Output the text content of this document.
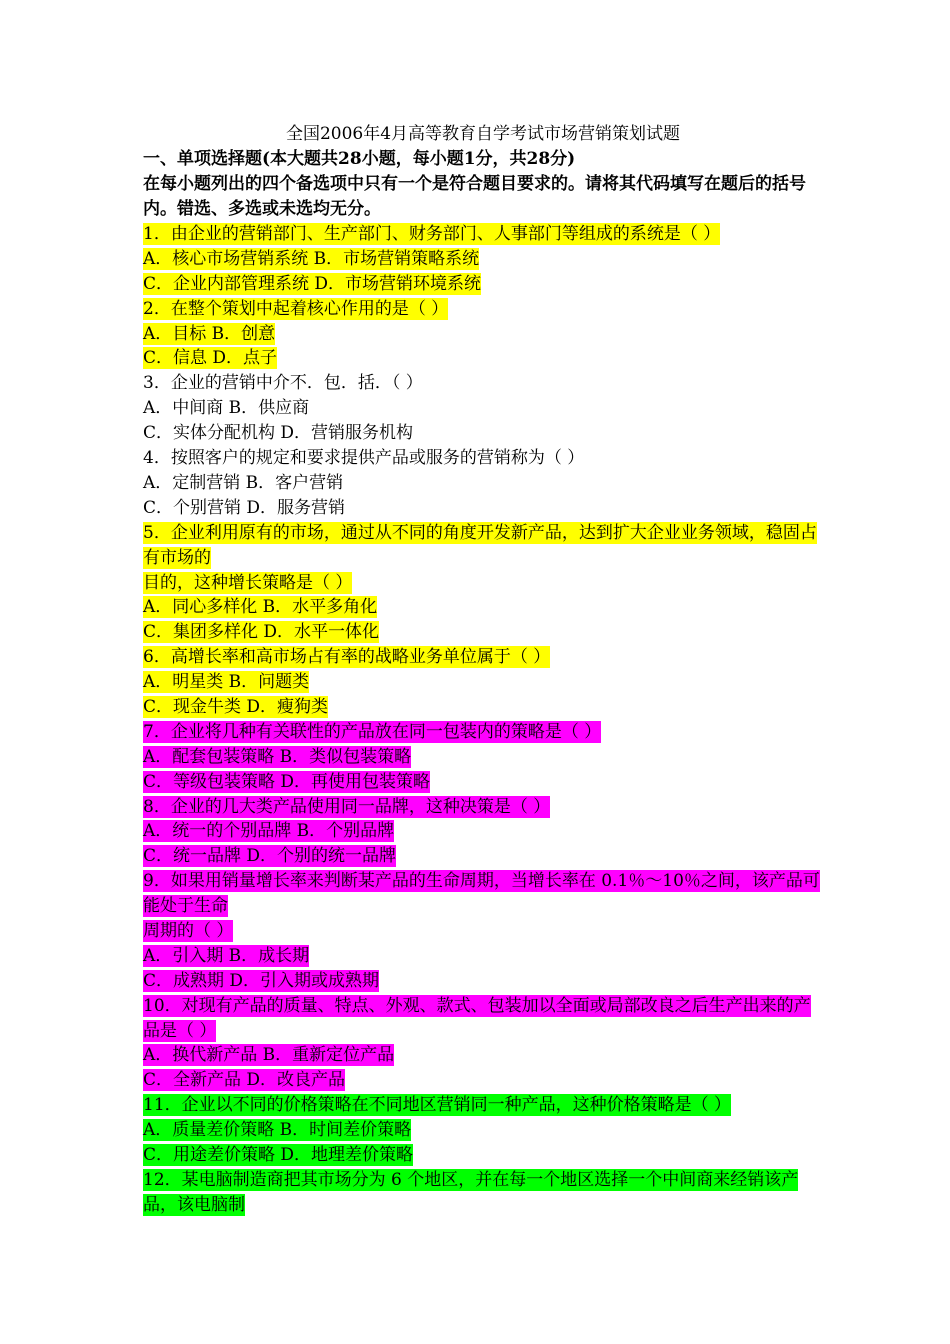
全国2006年4月高等教育自学考试市场营销策划试题
一、单项选择题(本大题共28小题，每小题1分，共28分)
在每小题列出的四个备选项中只有一个是符合题目要求的。请将其代码填写在题后的括号内。错选、多选或未选均无分。
1．由企业的营销部门、生产部门、财务部门、人事部门等组成的系统是（ ）
A．核心市场营销系统 B．市场营销策略系统
C．企业内部管理系统 D．市场营销环境系统
2．在整个策划中起着核心作用的是（ ）
A．目标 B．创意
C．信息 D．点子
3．企业的营销中介不．包．括．（ ）
A．中间商 B．供应商
C．实体分配机构 D．营销服务机构
4．按照客户的规定和要求提供产品或服务的营销称为（ ）
A．定制营销 B．客户营销
C．个别营销 D．服务营销
5．企业利用原有的市场，通过从不同的角度开发新产品，达到扩大企业业务领域，稳固占有市场的
目的，这种增长策略是（ ）
A．同心多样化 B．水平多角化
C．集团多样化 D．水平一体化
6．高增长率和高市场占有率的战略业务单位属于（ ）
A．明星类 B．问题类
C．现金牛类 D．瘦狗类
7．企业将几种有关联性的产品放在同一包装内的策略是（ ）
A．配套包装策略 B．类似包装策略
C．等级包装策略 D．再使用包装策略
8．企业的几大类产品使用同一品牌，这种决策是（ ）
A．统一的个别品牌 B．个别品牌
C．统一品牌 D．个别的统一品牌
9．如果用销量增长率来判断某产品的生命周期，当增长率在 0.1％～10％之间，该产品可能处于生命
周期的（ ）
A．引入期 B．成长期
C．成熟期 D．引入期或成熟期
10．对现有产品的质量、特点、外观、款式、包装加以全面或局部改良之后生产出来的产品是（ ）
A．换代新产品 B．重新定位产品
C．全新产品 D．改良产品
11．企业以不同的价格策略在不同地区营销同一种产品，这种价格策略是（ ）
A．质量差价策略 B．时间差价策略
C．用途差价策略 D．地理差价策略
12．某电脑制造商把其市场分为 6 个地区，并在每一个地区选择一个中间商来经销该产品，该电脑制
